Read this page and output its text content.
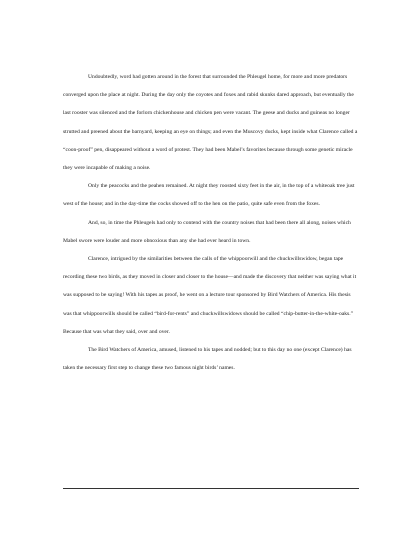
Undoubtedly, word had gotten around in the forest that surrounded the Phleugel home, for more and more predators converged upon the place at night. During the day only the coyotes and foxes and rabid skunks dared approach, but eventually the last rooster was silenced and the forlorn chickenhouse and chicken pen were vacant. The geese and ducks and guineas no longer strutted and preened about the barnyard, keeping an eye on things; and even the Muscovy ducks, kept inside what Clarence called a “coon-proof” pen, disappeared without a word of protest. They had been Mabel’s favorites because through some genetic miracle they were incapable of making a noise.

Only the peacocks and the peahen remained. At night they roosted sixty feet in the air, in the top of a whiteoak tree just west of the house; and in the day-time the cocks showed off to the hen on the patio, quite safe even from the foxes.

And, so, in time the Phleugels had only to contend with the country noises that had been there all along, noises which Mabel swore were louder and more obnoxious than any she had ever heard in town.

Clarence, intrigued by the similarities between the calls of the whippoorwill and the chuckwillswidow, began tape recording these two birds, as they moved in closer and closer to the house—and made the discovery that neither was saying what it was supposed to be saying! With his tapes as proof, he went on a lecture tour sponsored by Bird Watchers of America. His thesis was that whippoorwills should be called “bird-for-rents” and chuckwillswidows should be called “chip-butter-in-the-white-oaks.” Because that was what they said, over and over.

The Bird Watchers of America, amused, listened to his tapes and nodded; but to this day no one (except Clarence) has taken the necessary first step to change these two famous night birds’ names.
